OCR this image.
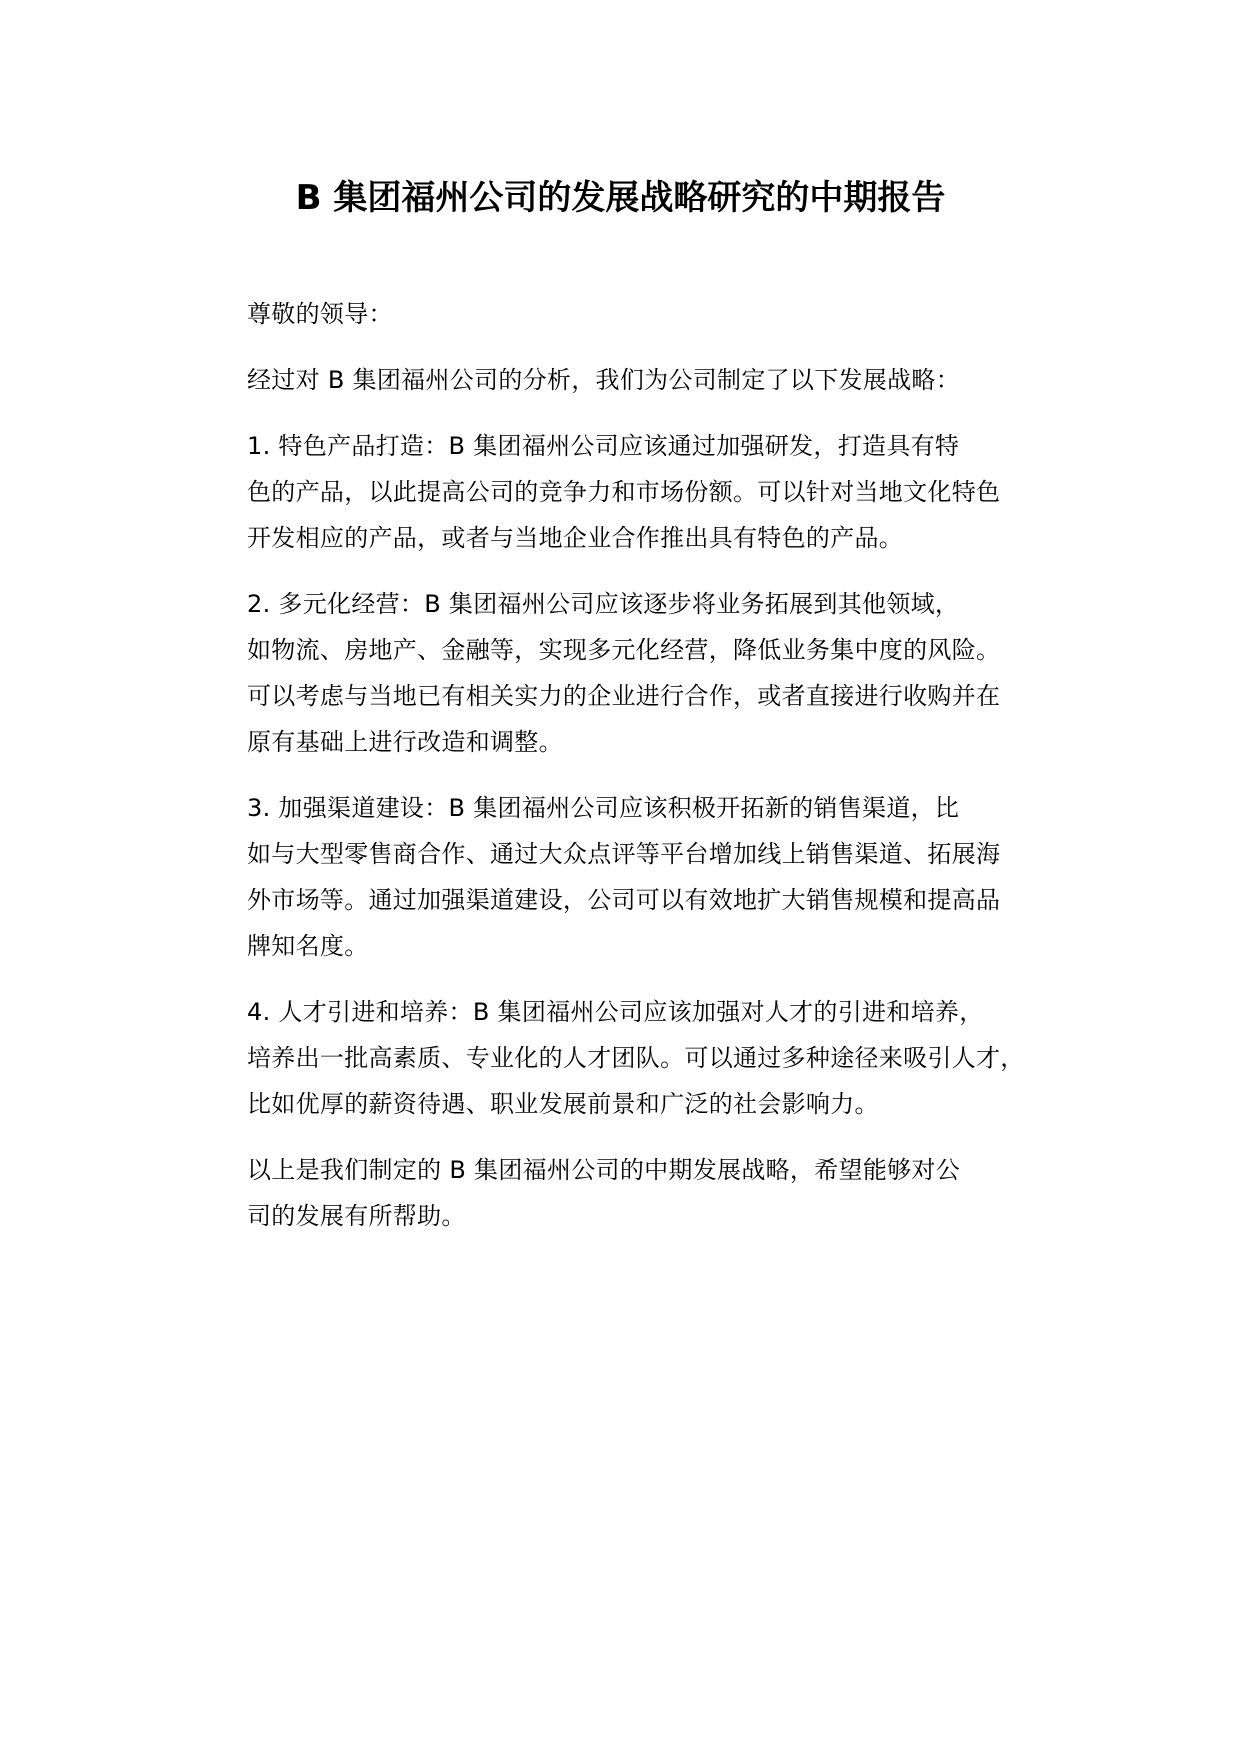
B 集团福州公司的发展战略研究的中期报告

尊敬的领导：

经过对 B 集团福州公司的分析，我们为公司制定了以下发展战略：

1. 特色产品打造：B 集团福州公司应该通过加强研发，打造具有特
色的产品，以此提高公司的竞争力和市场份额。可以针对当地文化特色
开发相应的产品，或者与当地企业合作推出具有特色的产品。

2. 多元化经营：B 集团福州公司应该逐步将业务拓展到其他领域，
如物流、房地产、金融等，实现多元化经营，降低业务集中度的风险。
可以考虑与当地已有相关实力的企业进行合作，或者直接进行收购并在
原有基础上进行改造和调整。

3. 加强渠道建设：B 集团福州公司应该积极开拓新的销售渠道，比
如与大型零售商合作、通过大众点评等平台增加线上销售渠道、拓展海
外市场等。通过加强渠道建设，公司可以有效地扩大销售规模和提高品
牌知名度。

4. 人才引进和培养：B 集团福州公司应该加强对人才的引进和培养，
培养出一批高素质、专业化的人才团队。可以通过多种途径来吸引人才，
比如优厚的薪资待遇、职业发展前景和广泛的社会影响力。

以上是我们制定的 B 集团福州公司的中期发展战略，希望能够对公
司的发展有所帮助。
